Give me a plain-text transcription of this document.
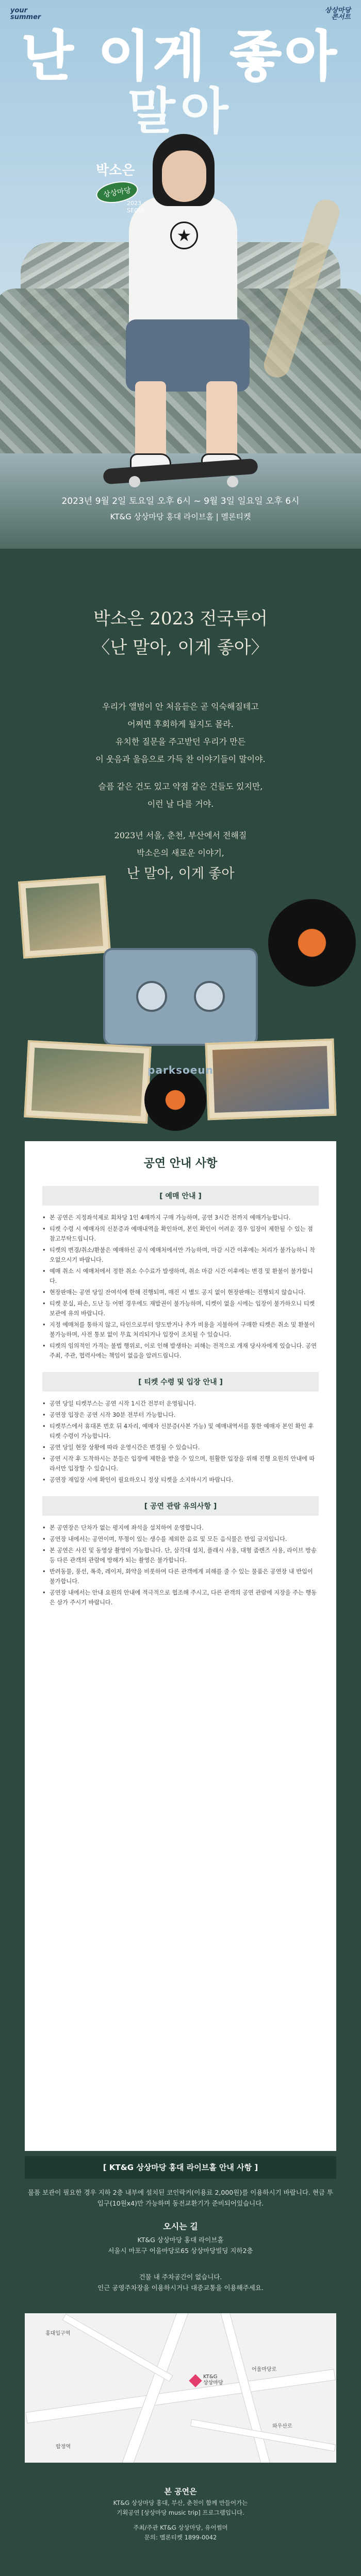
your
summer
상상마당
콘서트
★
난 이게 좋아
말아
박소은
상상마당
2023
SEOUL
2023년 9월 2일 토요일 오후 6시 ~ 9월 3일 일요일 오후 6시
KT&G 상상마당 홍대 라이브홀 | 멜론티켓
박소은 2023 전국투어
〈난 말아, 이게 좋아〉
우리가 앨범이 안 처음듣은 곧 익숙해질테고
어쩌면 후회하게 될지도 몰라.
유치한 질문을 주고받던 우리가 만든
이 웃음과 울음으로 가득 찬 이야기들이 말이야.
슬픔 같은 건도 있고 약점 같은 건들도 있지만,
이런 날 다를 거야.
2023년 서울, 춘천, 부산에서 전해질
박소은의 새로운 이야기,
난 말아, 이게 좋아
parksoeun
공연 안내 사항
[ 예매 안내 ]
• 본 공연은 지정좌석제로 회차당 1인 4매까지 구매 가능하며, 공연 3시간 전까지 예매가능합니다.
• 티켓 수령 시 예매자의 신분증과 예매내역을 확인하며, 본인 확인이 어려운 경우 입장이 제한될 수 있는 점 참고부탁드립니다.
• 티켓의 변경/취소/환불은 예매하신 공식 예매처에서만 가능하며, 마감 시간 이후에는 처리가 불가능하니 착오없으시기 바랍니다.
• 예매 취소 시 예매처에서 정한 취소 수수료가 발생하며, 취소 마감 시간 이후에는 변경 및 환불이 불가합니다.
• 현장판매는 공연 당일 잔여석에 한해 진행되며, 매진 시 별도 공지 없이 현장판매는 진행되지 않습니다.
• 티켓 분실, 파손, 도난 등 어떤 경우에도 재발권이 불가능하며, 티켓이 없을 시에는 입장이 불가하오니 티켓 보관에 유의 바랍니다.
• 지정 예매처를 통하지 않고, 타인으로부터 양도받거나 추가 비용을 지불하여 구매한 티켓은 취소 및 환불이 불가능하며, 사전 통보 없이 무효 처리되거나 입장이 조치될 수 있습니다.
• 티켓의 임의적인 가격는 불법 행위로, 이로 인해 발생하는 피해는 전적으로 개재 당사자에게 있습니다. 공연 주최, 주관, 협력사에는 책임이 없음을 알려드립니다.
[ 티켓 수령 및 입장 안내 ]
• 공연 당일 티켓부스는 공연 시작 1시간 전부터 운영됩니다.
• 공연장 입장은 공연 시작 30분 전부터 가능합니다.
• 티켓부스에서 휴대폰 번호 뒤 4자리, 예매자 신분증(사본 가능) 및 예매내역서를 통한 예매자 본인 확인 후 티켓 수령이 가능합니다.
• 공연 당일 현장 상황에 따라 운영시간은 변경될 수 있습니다.
• 공연 시작 후 도착하시는 분들은 입장에 제한을 받을 수 있으며, 원활한 입장을 위해 진행 요원의 안내에 따라서만 입장할 수 있습니다.
• 공연장 재입장 시에 확인이 필요하오니 정상 티켓을 소지하시기 바랍니다.
[ 공연 관람 유의사항 ]
• 본 공연장은 단차가 없는 평지에 좌석을 설치하여 운영합니다.
• 공연장 내에서는 공연이며, 뚜껑이 있는 생수를 제외한 음료 및 모든 음식물은 반입 금지입니다.
• 본 공연은 사진 및 동영상 촬영이 가능합니다. 단, 삼각대 설치, 플래시 사용, 대형 줌렌즈 사용, 라이브 방송 등 다른 관객의 관람에 방해가 되는 촬영은 불가합니다.
• 반려동물, 풍선, 폭죽, 레이저, 화약을 비롯하여 다른 관객에게 피해를 줄 수 있는 물품은 공연장 내 반입이 불가합니다.
• 공연장 내에서는 안내 요원의 안내에 적극적으로 협조해 주시고, 다른 관객의 공연 관람에 지장을 주는 행동은 삼가 주시기 바랍니다.
[ KT&G 상상마당 홍대 라이브홀 안내 사항 ]
물품 보관이 필요한 경우 지하 2층 내부에 설치된 코인락커(이용료 2,000원)를 이용하시기 바랍니다. 현금 투입구(10원x4)만 가능하며 동전교환기가 준비되어있습니다.
오시는 길
KT&G 상상마당 홍대 라이브홀
서울시 마포구 어울마당로65 상상마당빌딩 지하2층
건물 내 주차공간이 없습니다.
인근 공영주차장을 이용하시거나 대중교통을 이용해주세요.
KT&G
상상마당
홍대입구역
합정역
어울마당로
와우산로
본 공연은
KT&G 상상마당 홍대, 부산, 춘천이 함께 만들어가는
기획공연 [상상마당 music trip] 프로그램입니다.
주최/주관 KT&G 상상마당, 유어썸머
문의: 멜론티켓 1899-0042
